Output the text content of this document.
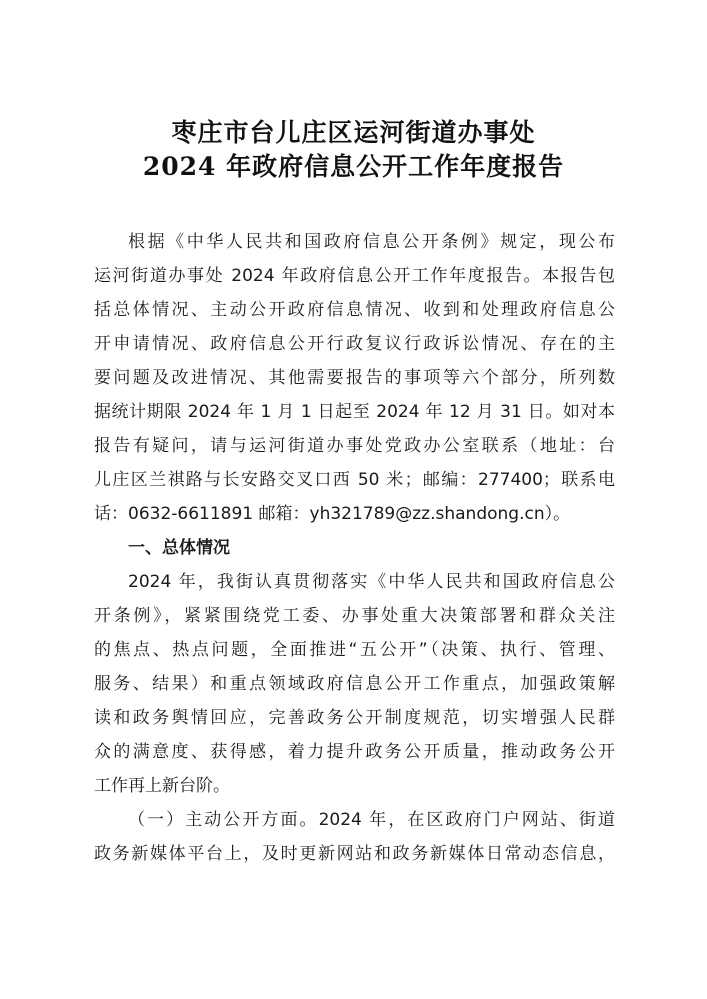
枣庄市台儿庄区运河街道办事处
2024 年政府信息公开工作年度报告
根据《中华人民共和国政府信息公开条例》规定，现公布
运河街道办事处 2024 年政府信息公开工作年度报告。本报告包
括总体情况、主动公开政府信息情况、收到和处理政府信息公
开申请情况、政府信息公开行政复议行政诉讼情况、存在的主
要问题及改进情况、其他需要报告的事项等六个部分，所列数
据统计期限 2024 年 1 月 1 日起至 2024 年 12 月 31 日。如对本
报告有疑问，请与运河街道办事处党政办公室联系（地址：台
儿庄区兰祺路与长安路交叉口西 50 米；邮编：277400；联系电
话：0632-6611891 邮箱：yh321789@zz.shandong.cn）。
一、总体情况
2024 年，我街认真贯彻落实《中华人民共和国政府信息公
开条例》，紧紧围绕党工委、办事处重大决策部署和群众关注
的焦点、热点问题，全面推进“五公开”（决策、执行、管理、
服务、结果）和重点领域政府信息公开工作重点，加强政策解
读和政务舆情回应，完善政务公开制度规范，切实增强人民群
众的满意度、获得感，着力提升政务公开质量，推动政务公开
工作再上新台阶。
（一）主动公开方面。2024 年，在区政府门户网站、街道
政务新媒体平台上，及时更新网站和政务新媒体日常动态信息，
